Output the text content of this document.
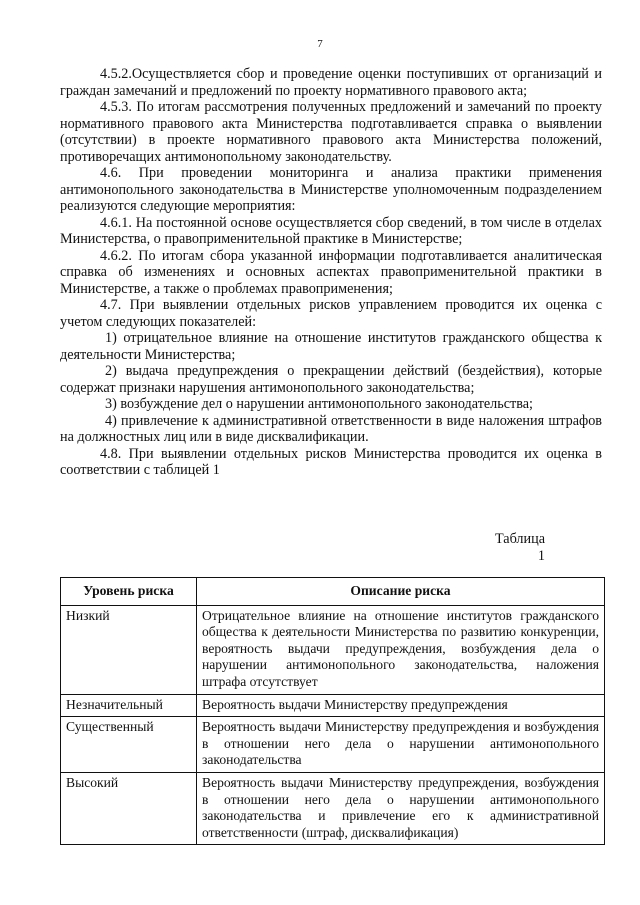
7

4.5.2.Осуществляется сбор и проведение оценки поступивших от организаций и граждан замечаний и предложений по проекту нормативного правового акта;

4.5.3. По итогам рассмотрения полученных предложений и замечаний по проекту нормативного правового акта Министерства подготавливается справка о выявлении (отсутствии) в проекте нормативного правового акта Министерства положений, противоречащих антимонопольному законодательству.

4.6. При проведении мониторинга и анализа практики применения антимонопольного законодательства в Министерстве уполномоченным подразделением реализуются следующие мероприятия:

4.6.1. На постоянной основе осуществляется сбор сведений, в том числе в отделах Министерства, о правоприменительной практике в Министерстве;

4.6.2. По итогам сбора указанной информации подготавливается аналитическая справка об изменениях и основных аспектах правоприменительной практики в Министерстве, а также о проблемах правоприменения;

4.7. При выявлении отдельных рисков управлением проводится их оценка с учетом следующих показателей:

1) отрицательное влияние на отношение институтов гражданского общества к деятельности Министерства;

2) выдача предупреждения о прекращении действий (бездействия), которые содержат признаки нарушения антимонопольного законодательства;

3) возбуждение дел о нарушении антимонопольного законодательства;

4) привлечение к административной ответственности в виде наложения штрафов на должностных лиц или в виде дисквалификации.

4.8. При выявлении отдельных рисков Министерства проводится их оценка в соответствии с таблицей 1

Таблица
1
Уровень риска	Описание риска
Низкий	Отрицательное влияние на отношение институтов гражданского общества к деятельности Министерства по развитию конкуренции, вероятность выдачи предупреждения, возбуждения дела о нарушении антимонопольного законодательства, наложения штрафа отсутствует
Незначительный	Вероятность выдачи Министерству предупреждения
Существенный	Вероятность выдачи Министерству предупреждения и возбуждения в отношении него дела о нарушении антимонопольного законодательства
Высокий	Вероятность выдачи Министерству предупреждения, возбуждения в отношении него дела о нарушении антимонопольного законодательства и привлечение его к административной ответственности (штраф, дисквалификация)
